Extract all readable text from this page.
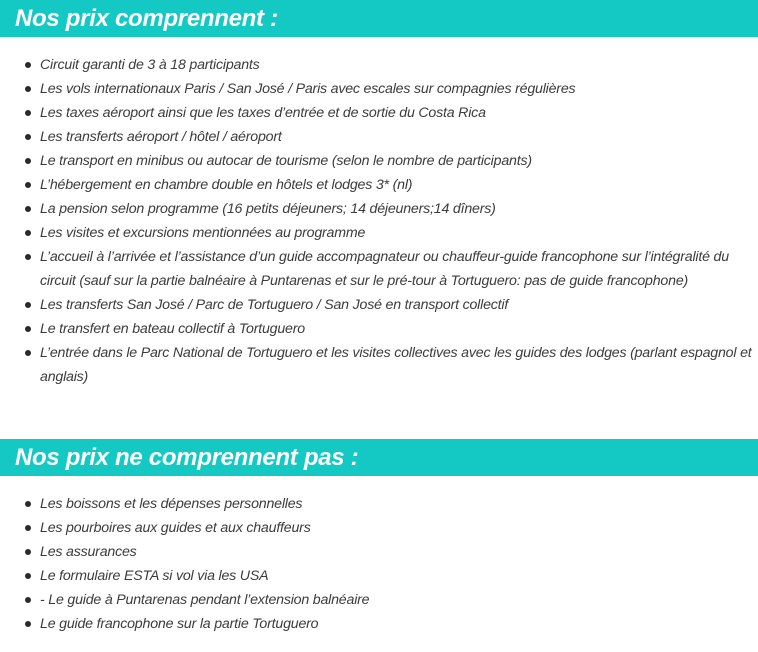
Nos prix comprennent :
Circuit garanti de 3 à 18 participants
Les vols internationaux Paris / San José / Paris avec escales sur compagnies régulières
Les taxes aéroport ainsi que les taxes d’entrée et de sortie du Costa Rica
Les transferts aéroport / hôtel / aéroport
Le transport en minibus ou autocar de tourisme (selon le nombre de participants)
L’hébergement en chambre double en hôtels et lodges 3* (nl)
La pension selon programme (16 petits déjeuners; 14 déjeuners;14 dîners)
Les visites et excursions mentionnées au programme
L’accueil à l’arrivée et l’assistance d’un guide accompagnateur ou chauffeur-guide francophone sur l’intégralité du circuit (sauf sur la partie balnéaire à Puntarenas et sur le pré-tour à Tortuguero: pas de guide francophone)
Les transferts San José / Parc de Tortuguero / San José en transport collectif
Le transfert en bateau collectif à Tortuguero
L’entrée dans le Parc National de Tortuguero et les visites collectives avec les guides des lodges (parlant espagnol et anglais)
Nos prix ne comprennent pas :
Les boissons et les dépenses personnelles
Les pourboires aux guides et aux chauffeurs
Les assurances
Le formulaire ESTA si vol via les USA
- Le guide à Puntarenas pendant l’extension balnéaire
Le guide francophone sur la partie Tortuguero
